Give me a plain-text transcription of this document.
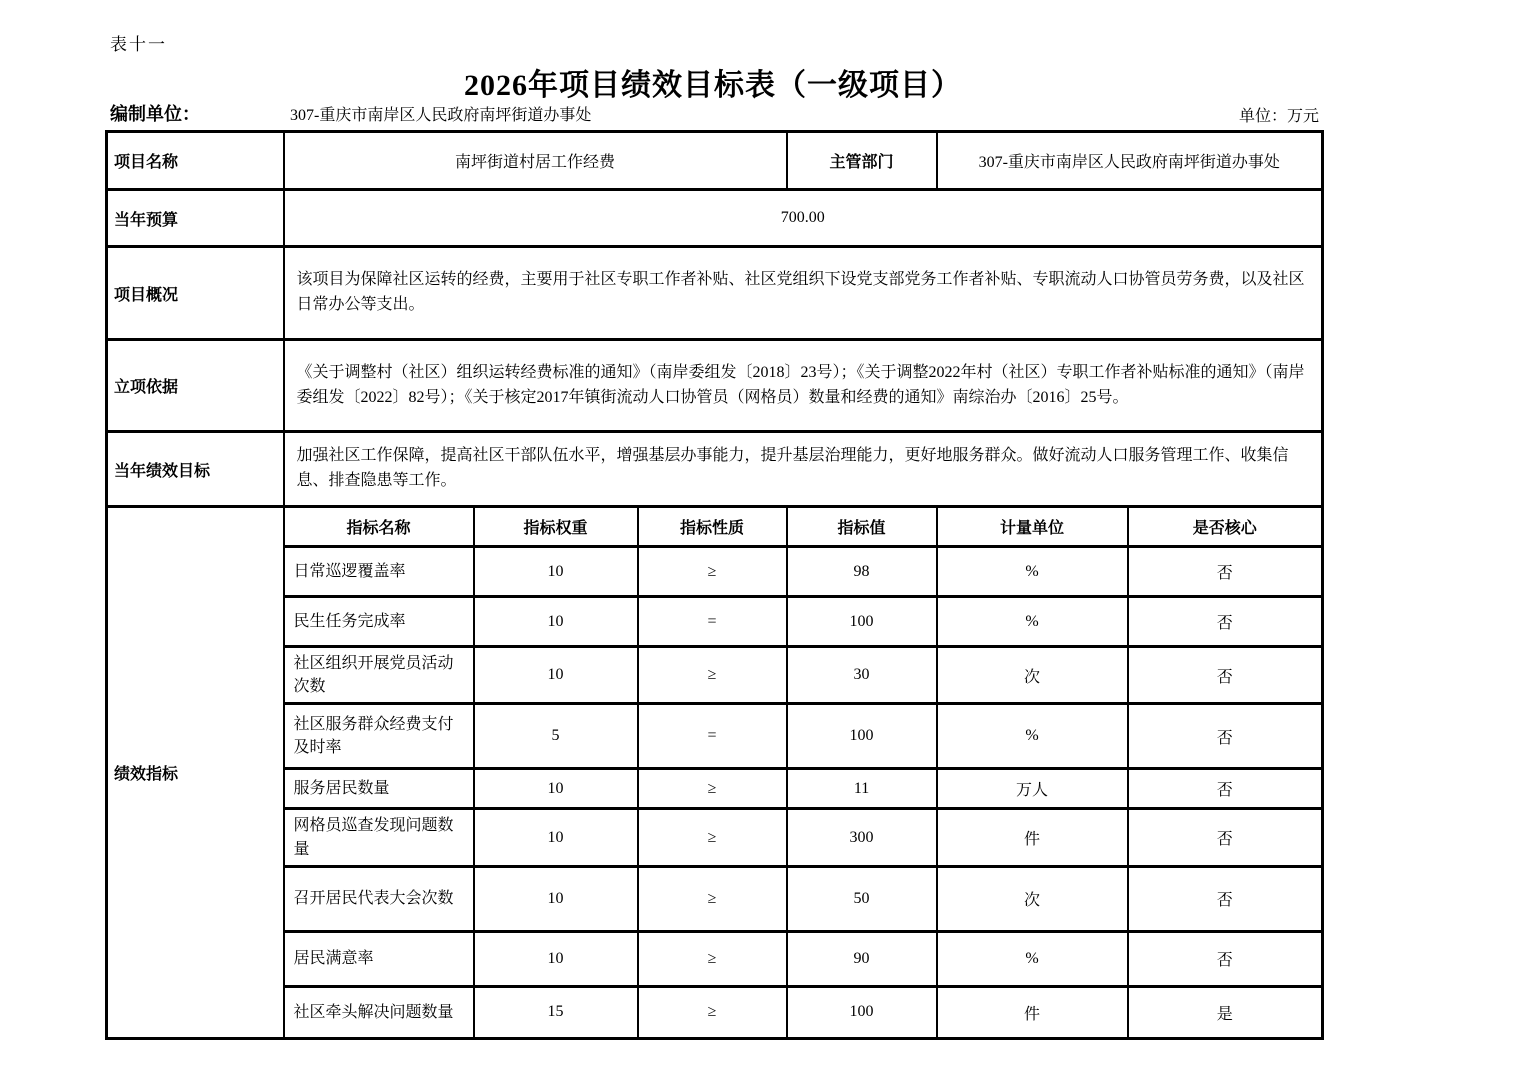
表十一
2026年项目绩效目标表（一级项目）
编制单位：	307-重庆市南岸区人民政府南坪街道办事处	单位：万元
项目名称	南坪街道村居工作经费			主管部门	307-重庆市南岸区人民政府南坪街道办事处	
当年预算	700.00					
项目概况	该项目为保障社区运转的经费，主要用于社区专职工作者补贴、社区党组织下设党支部党务工作者补贴、专职流动人口协管员劳务费，以及社区日常办公等支出。					
立项依据	《关于调整村（社区）组织运转经费标准的通知》（南岸委组发〔2018〕23号）；《关于调整2022年村（社区）专职工作者补贴标准的通知》（南岸委组发〔2022〕82号）；《关于核定2017年镇街流动人口协管员（网格员）数量和经费的通知》南综治办〔2016〕25号。					
当年绩效目标	加强社区工作保障，提高社区干部队伍水平，增强基层办事能力，提升基层治理能力，更好地服务群众。做好流动人口服务管理工作、收集信息、排查隐患等工作。					
绩效指标	指标名称	指标权重	指标性质	指标值	计量单位	是否核心
	日常巡逻覆盖率	10	≥	98	%	否
	民生任务完成率	10	=	100	%	否
	社区组织开展党员活动次数	10	≥	30	次	否
	社区服务群众经费支付及时率	5	=	100	%	否
	服务居民数量	10	≥	11	万人	否
	网格员巡查发现问题数量	10	≥	300	件	否
	召开居民代表大会次数	10	≥	50	次	否
	居民满意率	10	≥	90	%	否
	社区牵头解决问题数量	15	≥	100	件	是
